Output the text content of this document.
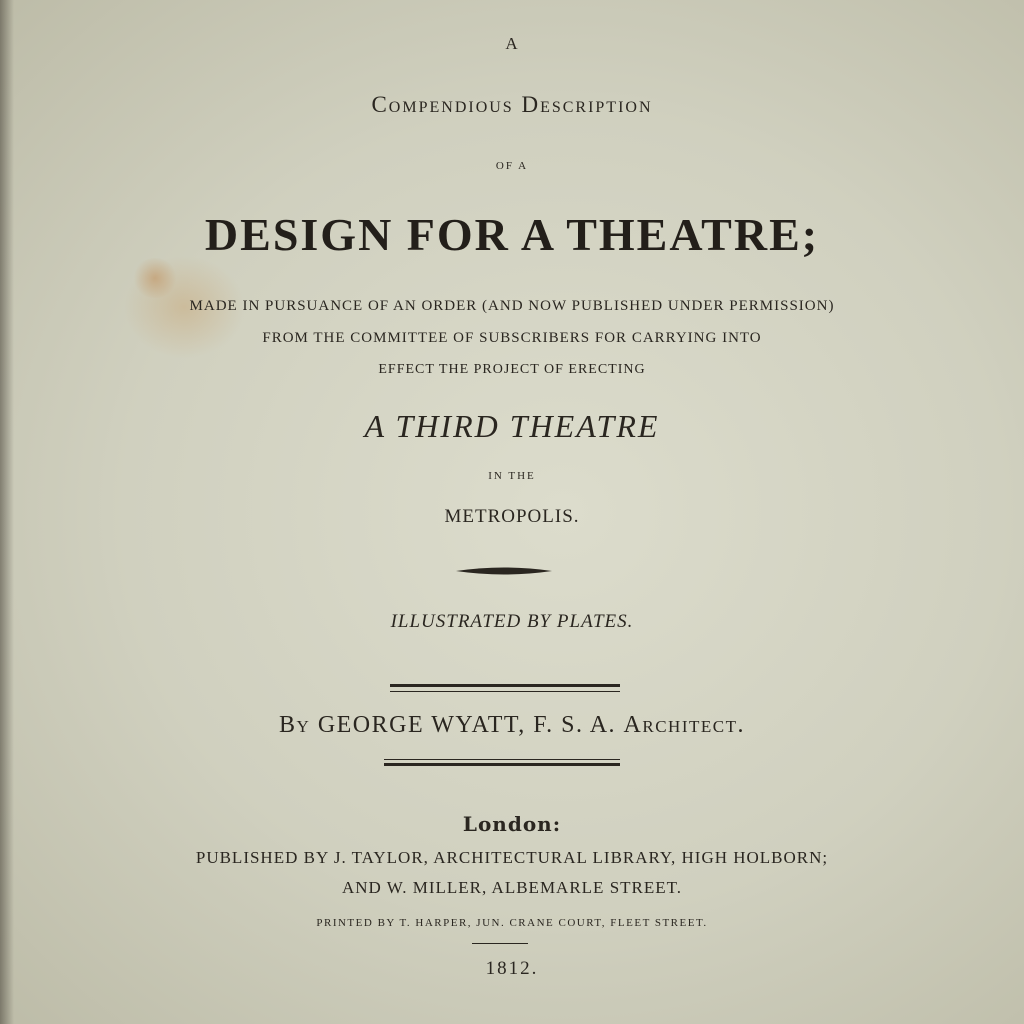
A
Compendious Description
OF A
DESIGN FOR A THEATRE;
MADE IN PURSUANCE OF AN ORDER (AND NOW PUBLISHED UNDER PERMISSION)
FROM THE COMMITTEE OF SUBSCRIBERS FOR CARRYING INTO
EFFECT THE PROJECT OF ERECTING
A THIRD THEATRE
IN THE
METROPOLIS.
ILLUSTRATED BY PLATES.
By GEORGE WYATT, F. S. A. Architect.
London:
PUBLISHED BY J. TAYLOR, ARCHITECTURAL LIBRARY, HIGH HOLBORN;
AND W. MILLER, ALBEMARLE STREET.
PRINTED BY T. HARPER, JUN. CRANE COURT, FLEET STREET.
1812.
